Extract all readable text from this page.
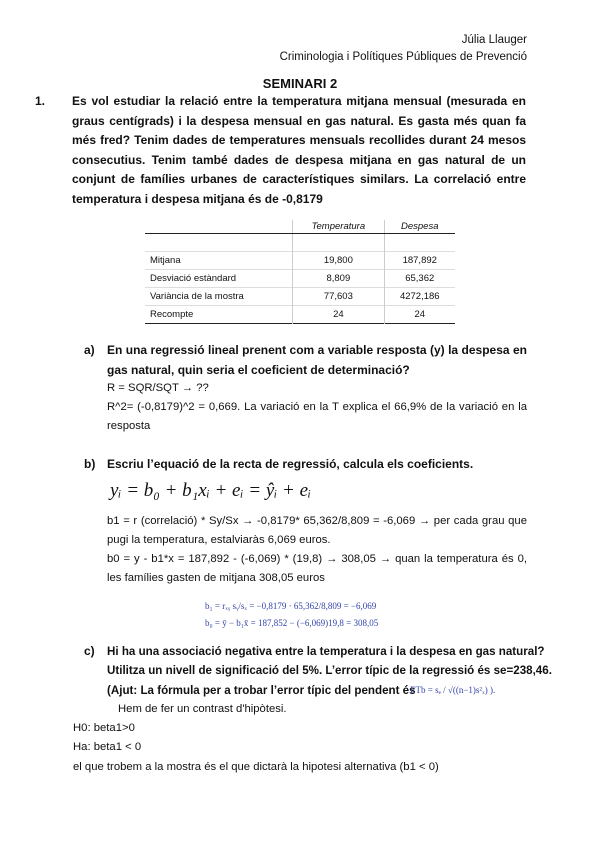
Júlia Llauger
Criminologia i Polítiques Públiques de Prevenció
SEMINARI 2
1. Es vol estudiar la relació entre la temperatura mitjana mensual (mesurada en graus centígrads) i la despesa mensual en gas natural. Es gasta més quan fa més fred? Tenim dades de temperatures mensuals recollides durant 24 mesos consecutius. Tenim també dades de despesa mitjana en gas natural de un conjunt de famílies urbanes de característiques similars. La correlació entre temperatura i despesa mitjana és de -0,8179
	Temperatura	Despesa

Mitjana	19,800	187,892
Desviació estàndard	8,809	65,362
Variància de la mostra	77,603	4272,186
Recompte	24	24
a) En una regressió lineal prenent com a variable resposta (y) la despesa en gas natural, quin seria el coeficient de determinació?
R = SQR/SQT → ??
R^2= (-0,8179)^2 = 0,669. La variació en la T explica el 66,9% de la variació en la resposta
b) Escriu l’equació de la recta de regressió, calcula els coeficients.
yᵢ = b₀ + b₁xᵢ + eᵢ = ŷᵢ + eᵢ
b1 = r (correlació) * Sy/Sx → -0,8179* 65,362/8,809 = -6,069 → per cada grau que pugi la temperatura, estalviaràs 6,069 euros.
b0 = y - b1*x = 187,892 - (-6,069) * (19,8) → 308,05 → quan la temperatura és 0, les famílies gasten de mitjana 308,05 euros
b₁ = rₓᵧ sᵧ/sₓ = −0,8179 · 65,362/8,809 = −6,069
b₀ = ȳ − b₁x̄ = 187,852 − (−6,069)19,8 = 308,05
c) Hi ha una associació negativa entre la temperatura i la despesa en gas natural?
Utilitza un nivell de significació del 5%. L’error típic de la regressió és se=238,46.
(Ajut: La fórmula per a trobar l’error típic del pendent és
ETb = sₑ / √((n−1)s²ₓ) ).
Hem de fer un contrast d'hipòtesi.
H0: beta1>0
Ha: beta1 < 0
el que trobem a la mostra és el que dictarà la hipotesi alternativa (b1 < 0)
